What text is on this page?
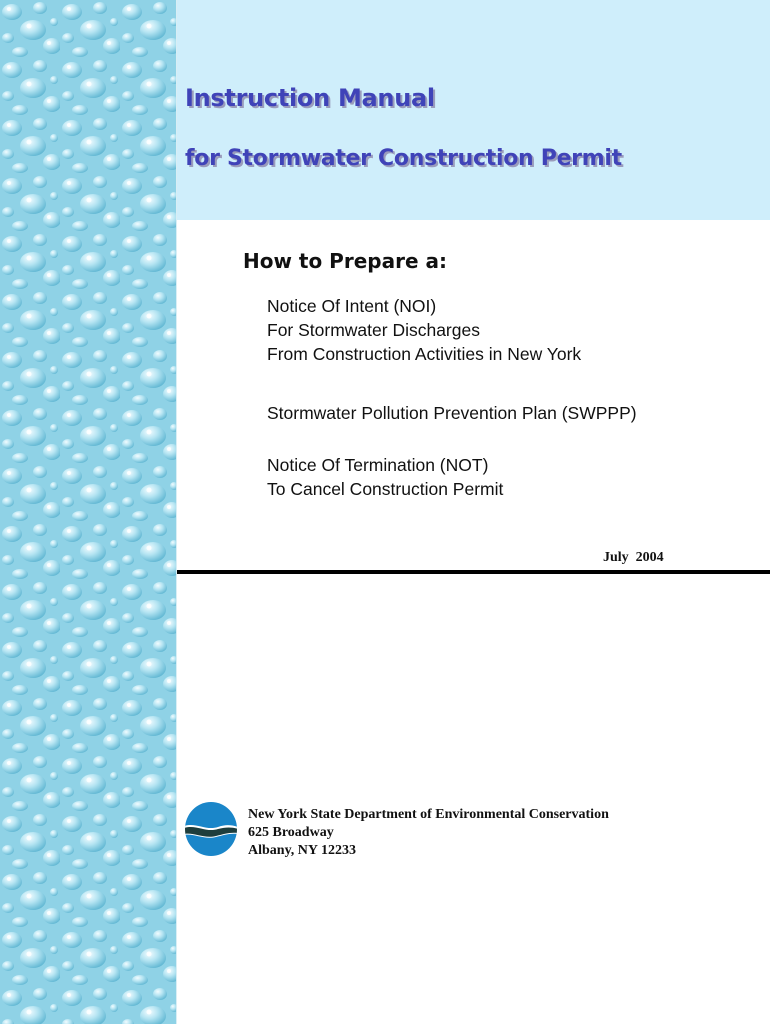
Instruction Manual
for Stormwater Construction Permit
How to Prepare a:
Notice Of Intent (NOI)
For Stormwater Discharges
From Construction Activities in New York
Stormwater Pollution Prevention Plan (SWPPP)
Notice Of Termination (NOT)
To Cancel Construction Permit
July  2004
New York State Department of Environmental Conservation
625 Broadway
Albany, NY 12233
